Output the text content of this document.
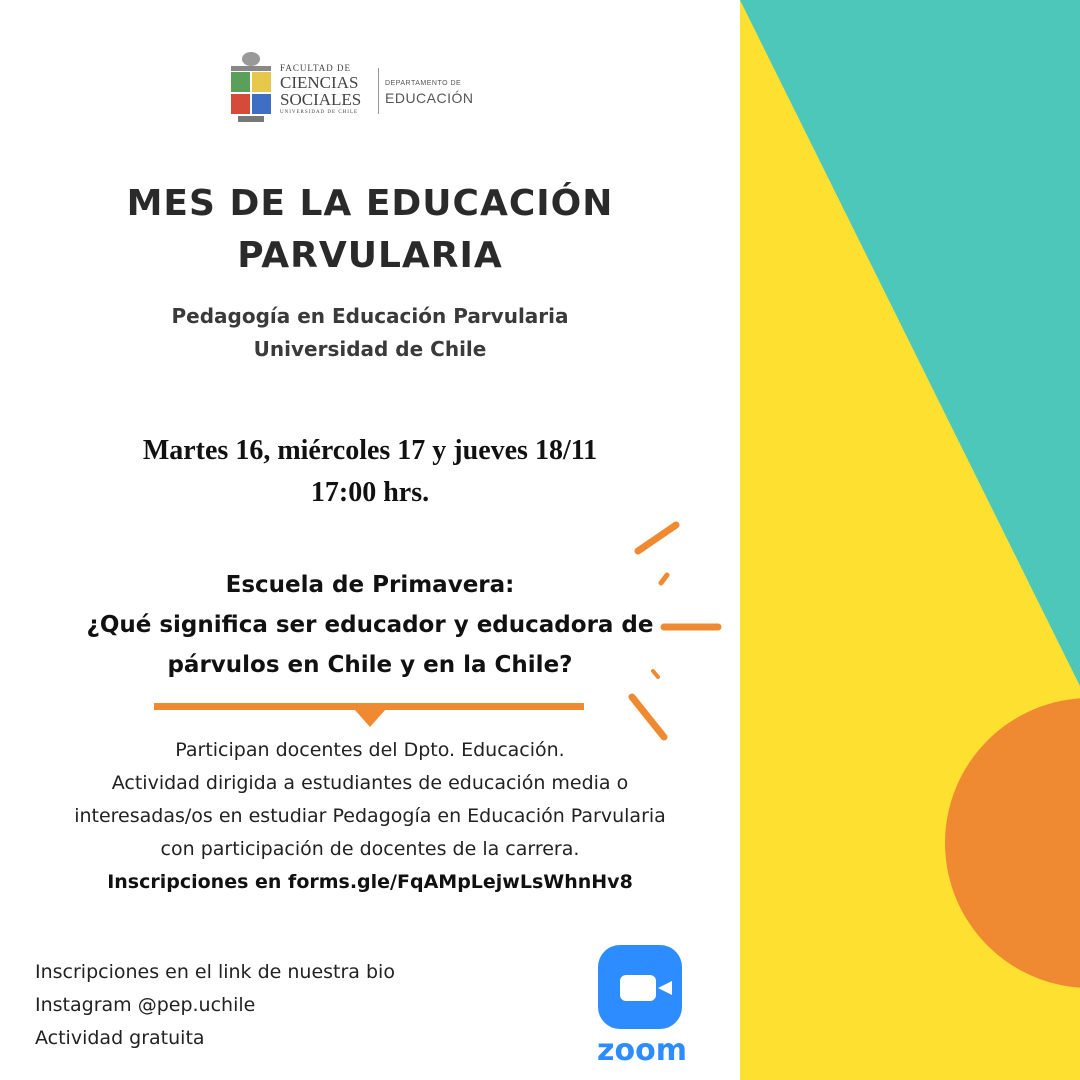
FACULTAD DE
CIENCIAS
SOCIALES
UNIVERSIDAD DE CHILE
DEPARTAMENTO DE
EDUCACIÓN
MES DE LA EDUCACIÓN
PARVULARIA
Pedagogía en Educación Parvularia
Universidad de Chile
Martes 16, miércoles 17 y jueves 18/11
17:00 hrs.
Escuela de Primavera:
¿Qué significa ser educador y educadora de
párvulos en Chile y en la Chile?
Participan docentes del Dpto. Educación.
Actividad dirigida a estudiantes de educación media o
interesadas/os en estudiar Pedagogía en Educación Parvularia
con participación de docentes de la carrera.
Inscripciones en forms.gle/FqAMpLejwLsWhnHv8
Inscripciones en el link de nuestra bio
Instagram @pep.uchile
Actividad gratuita	zoom
